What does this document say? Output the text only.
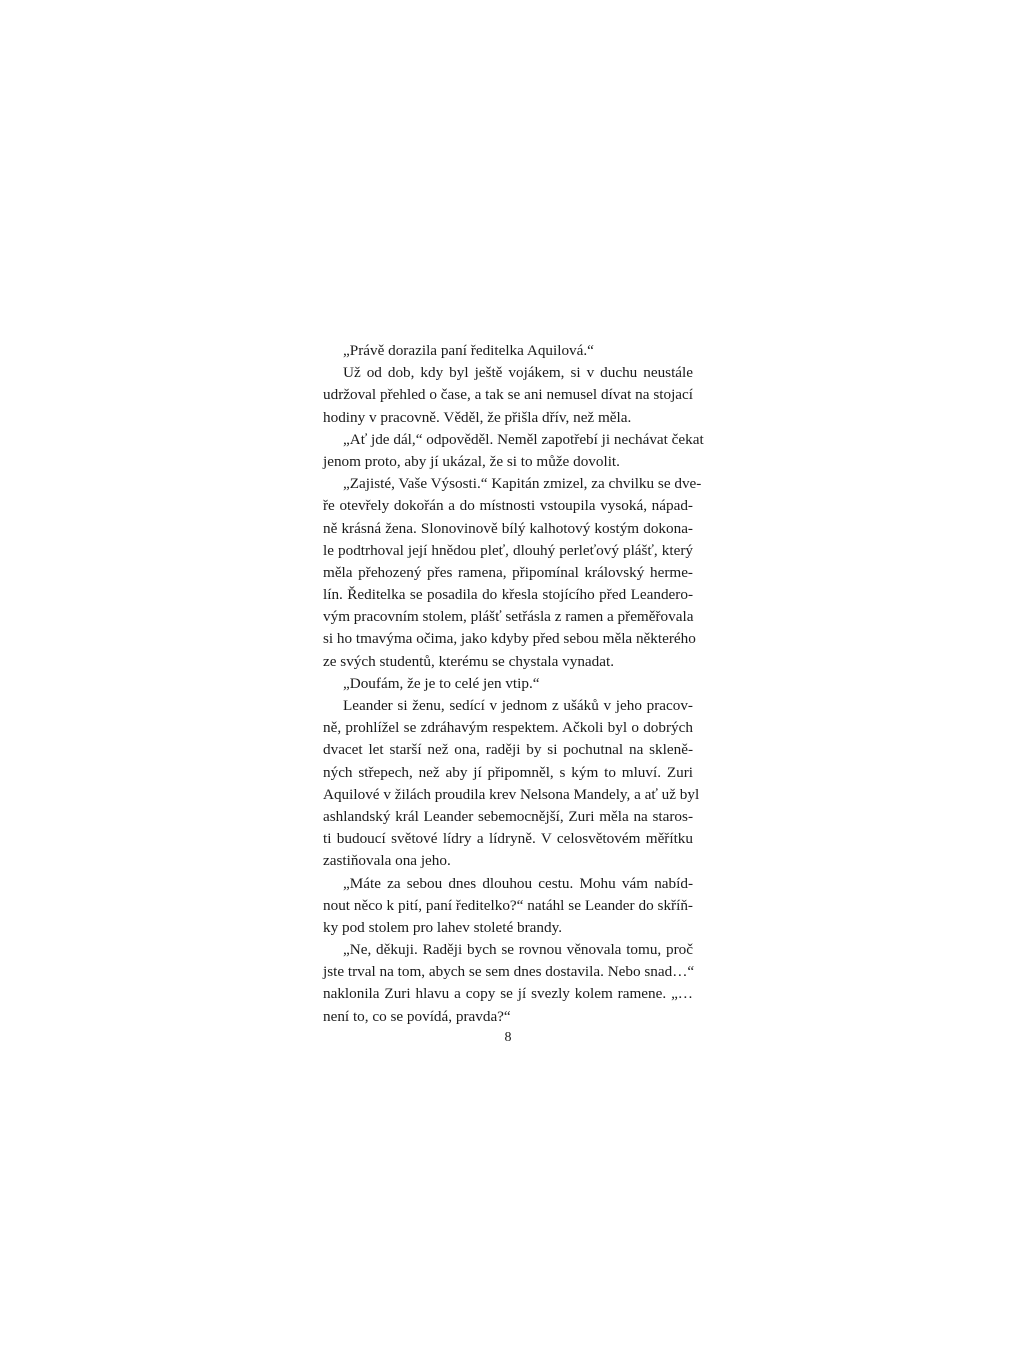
„Právě dorazila paní ředitelka Aquilová.“
Už od dob, kdy byl ještě vojákem, si v duchu neustále
udržoval přehled o čase, a tak se ani nemusel dívat na stojací
hodiny v pracovně. Věděl, že přišla dřív, než měla.
„Ať jde dál,“ odpověděl. Neměl zapotřebí ji nechávat čekat
jenom proto, aby jí ukázal, že si to může dovolit.
„Zajisté, Vaše Výsosti.“ Kapitán zmizel, za chvilku se dve-
ře otevřely dokořán a do místnosti vstoupila vysoká, nápad-
ně krásná žena. Slonovinově bílý kalhotový kostým dokona-
le podtrhoval její hnědou pleť, dlouhý perleťový plášť, který
měla přehozený přes ramena, připomínal královský herme-
lín. Ředitelka se posadila do křesla stojícího před Leandero-
vým pracovním stolem, plášť setřásla z ramen a přeměřovala
si ho tmavýma očima, jako kdyby před sebou měla některého
ze svých studentů, kterému se chystala vynadat.
„Doufám, že je to celé jen vtip.“
Leander si ženu, sedící v jednom z ušáků v jeho pracov-
ně, prohlížel se zdráhavým respektem. Ačkoli byl o dobrých
dvacet let starší než ona, raději by si pochutnal na skleně-
ných střepech, než aby jí připomněl, s kým to mluví. Zuri
Aquilové v žilách proudila krev Nelsona Mandely, a ať už byl
ashlandský král Leander sebemocnější, Zuri měla na staros-
ti budoucí světové lídry a lídryně. V celosvětovém měřítku
zastiňovala ona jeho.
„Máte za sebou dnes dlouhou cestu. Mohu vám nabíd-
nout něco k pití, paní ředitelko?“ natáhl se Leander do skříň-
ky pod stolem pro lahev stoleté brandy.
„Ne, děkuji. Raději bych se rovnou věnovala tomu, proč
jste trval na tom, abych se sem dnes dostavila. Nebo snad…“
naklonila Zuri hlavu a copy se jí svezly kolem ramene. „…
není to, co se povídá, pravda?“
8
